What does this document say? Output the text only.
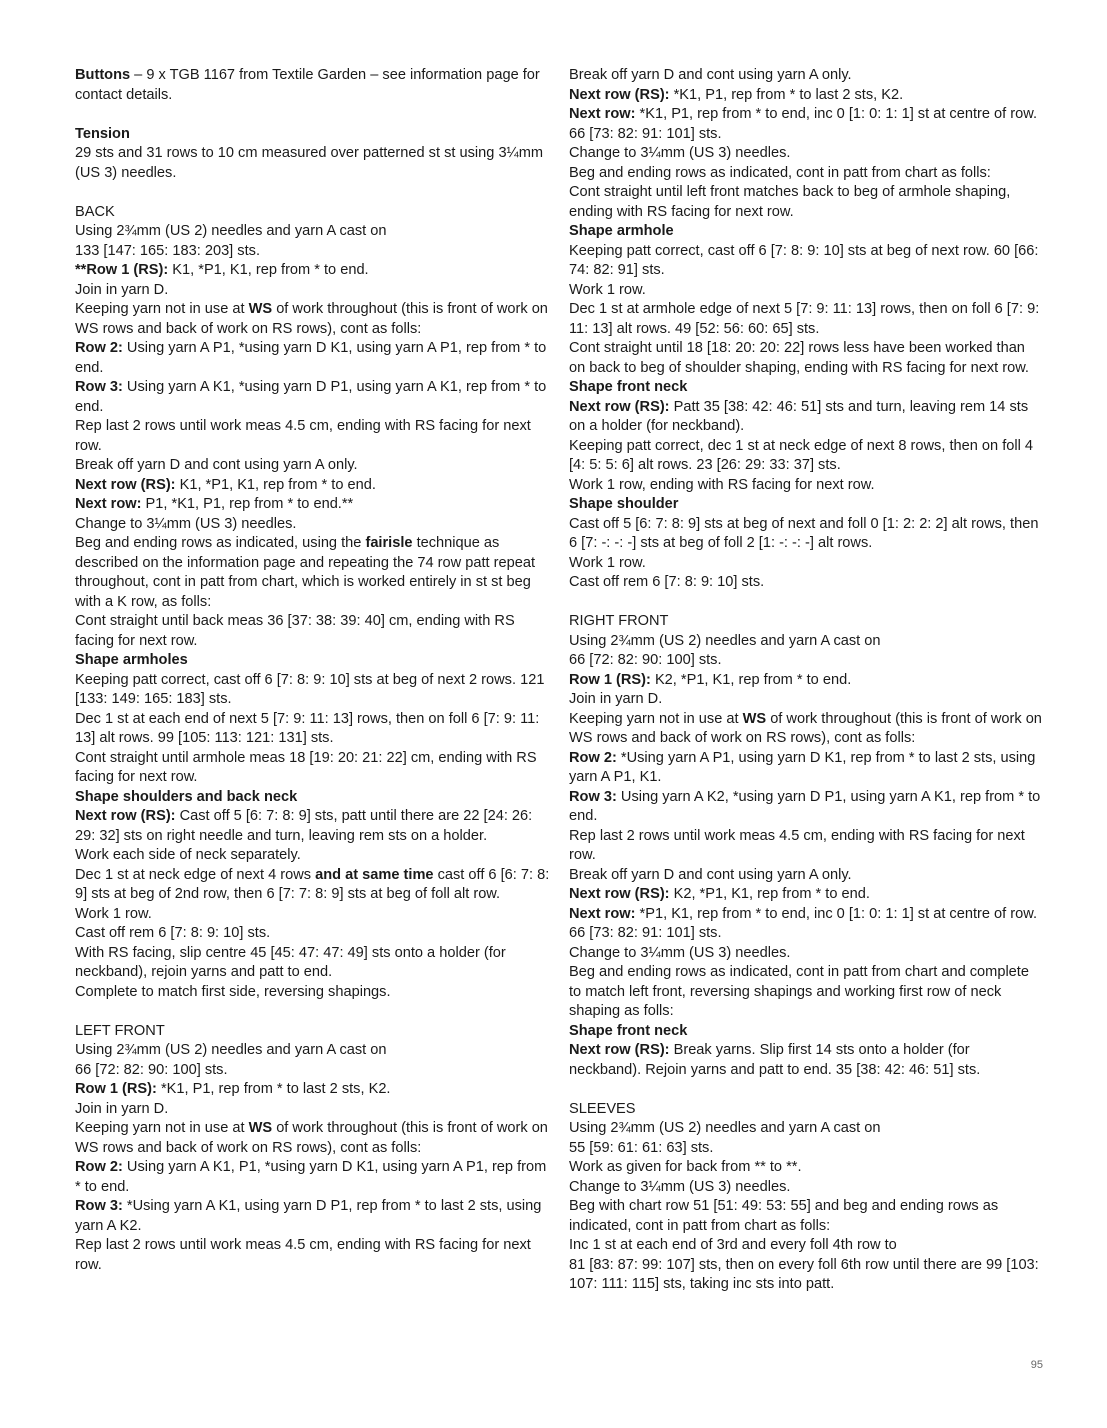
Buttons – 9 x TGB 1167 from Textile Garden – see information page for contact details.

Tension

29 sts and 31 rows to 10 cm measured over patterned st st using 3¼mm (US 3) needles.

BACK

Using 2¾mm (US 2) needles and yarn A cast on

133 [147: 165: 183: 203] sts.

**Row 1 (RS): K1, *P1, K1, rep from * to end.

Join in yarn D.

Keeping yarn not in use at WS of work throughout (this is front of work on WS rows and back of work on RS rows), cont as folls:

Row 2: Using yarn A P1, *using yarn D K1, using yarn A P1, rep from * to end.

Row 3: Using yarn A K1, *using yarn D P1, using yarn A K1, rep from * to end.

Rep last 2 rows until work meas 4.5 cm, ending with RS facing for next row.

Break off yarn D and cont using yarn A only.

Next row (RS): K1, *P1, K1, rep from * to end.

Next row: P1, *K1, P1, rep from * to end.**

Change to 3¼mm (US 3) needles.

Beg and ending rows as indicated, using the fairisle technique as described on the information page and repeating the 74 row patt repeat throughout, cont in patt from chart, which is worked entirely in st st beg with a K row, as folls:

Cont straight until back meas 36 [37: 38: 39: 40] cm, ending with RS facing for next row.

Shape armholes

Keeping patt correct, cast off 6 [7: 8: 9: 10] sts at beg of next 2 rows. 121 [133: 149: 165: 183] sts.

Dec 1 st at each end of next 5 [7: 9: 11: 13] rows, then on foll 6 [7: 9: 11: 13] alt rows. 99 [105: 113: 121: 131] sts.

Cont straight until armhole meas 18 [19: 20: 21: 22] cm, ending with RS facing for next row.

Shape shoulders and back neck

Next row (RS): Cast off 5 [6: 7: 8: 9] sts, patt until there are 22 [24: 26: 29: 32] sts on right needle and turn, leaving rem sts on a holder.

Work each side of neck separately.

Dec 1 st at neck edge of next 4 rows and at same time cast off 6 [6: 7: 8: 9] sts at beg of 2nd row, then 6 [7: 7: 8: 9] sts at beg of foll alt row.

Work 1 row.

Cast off rem 6 [7: 8: 9: 10] sts.

With RS facing, slip centre 45 [45: 47: 47: 49] sts onto a holder (for neckband), rejoin yarns and patt to end.

Complete to match first side, reversing shapings.

LEFT FRONT

Using 2¾mm (US 2) needles and yarn A cast on

66 [72: 82: 90: 100] sts.

Row 1 (RS): *K1, P1, rep from * to last 2 sts, K2.

Join in yarn D.

Keeping yarn not in use at WS of work throughout (this is front of work on WS rows and back of work on RS rows), cont as folls:

Row 2: Using yarn A K1, P1, *using yarn D K1, using yarn A P1, rep from * to end.

Row 3: *Using yarn A K1, using yarn D P1, rep from * to last 2 sts, using yarn A K2.

Rep last 2 rows until work meas 4.5 cm, ending with RS facing for next row.

Break off yarn D and cont using yarn A only.

Next row (RS): *K1, P1, rep from * to last 2 sts, K2.

Next row: *K1, P1, rep from * to end, inc 0 [1: 0: 1: 1] st at centre of row. 66 [73: 82: 91: 101] sts.

Change to 3¼mm (US 3) needles.

Beg and ending rows as indicated, cont in patt from chart as folls:

Cont straight until left front matches back to beg of armhole shaping, ending with RS facing for next row.

Shape armhole

Keeping patt correct, cast off 6 [7: 8: 9: 10] sts at beg of next row. 60 [66: 74: 82: 91] sts.

Work 1 row.

Dec 1 st at armhole edge of next 5 [7: 9: 11: 13] rows, then on foll 6 [7: 9: 11: 13] alt rows. 49 [52: 56: 60: 65] sts.

Cont straight until 18 [18: 20: 20: 22] rows less have been worked than on back to beg of shoulder shaping, ending with RS facing for next row.

Shape front neck

Next row (RS): Patt 35 [38: 42: 46: 51] sts and turn, leaving rem 14 sts on a holder (for neckband).

Keeping patt correct, dec 1 st at neck edge of next 8 rows, then on foll 4 [4: 5: 5: 6] alt rows. 23 [26: 29: 33: 37] sts.

Work 1 row, ending with RS facing for next row.

Shape shoulder

Cast off 5 [6: 7: 8: 9] sts at beg of next and foll 0 [1: 2: 2: 2] alt rows, then 6 [7: -: -: -] sts at beg of foll 2 [1: -: -: -] alt rows.

Work 1 row.

Cast off rem 6 [7: 8: 9: 10] sts.

RIGHT FRONT

Using 2¾mm (US 2) needles and yarn A cast on

66 [72: 82: 90: 100] sts.

Row 1 (RS): K2, *P1, K1, rep from * to end.

Join in yarn D.

Keeping yarn not in use at WS of work throughout (this is front of work on WS rows and back of work on RS rows), cont as folls:

Row 2: *Using yarn A P1, using yarn D K1, rep from * to last 2 sts, using yarn A P1, K1.

Row 3: Using yarn A K2, *using yarn D P1, using yarn A K1, rep from * to end.

Rep last 2 rows until work meas 4.5 cm, ending with RS facing for next row.

Break off yarn D and cont using yarn A only.

Next row (RS): K2, *P1, K1, rep from * to end.

Next row: *P1, K1, rep from * to end, inc 0 [1: 0: 1: 1] st at centre of row. 66 [73: 82: 91: 101] sts.

Change to 3¼mm (US 3) needles.

Beg and ending rows as indicated, cont in patt from chart and complete to match left front, reversing shapings and working first row of neck shaping as folls:

Shape front neck

Next row (RS): Break yarns. Slip first 14 sts onto a holder (for neckband). Rejoin yarns and patt to end. 35 [38: 42: 46: 51] sts.

SLEEVES

Using 2¾mm (US 2) needles and yarn A cast on

55 [59: 61: 61: 63] sts.

Work as given for back from ** to **.

Change to 3¼mm (US 3) needles.

Beg with chart row 51 [51: 49: 53: 55] and beg and ending rows as indicated, cont in patt from chart as folls:

Inc 1 st at each end of 3rd and every foll 4th row to

81 [83: 87: 99: 107] sts, then on every foll 6th row until there are 99 [103: 107: 111: 115] sts, taking inc sts into patt.

95
